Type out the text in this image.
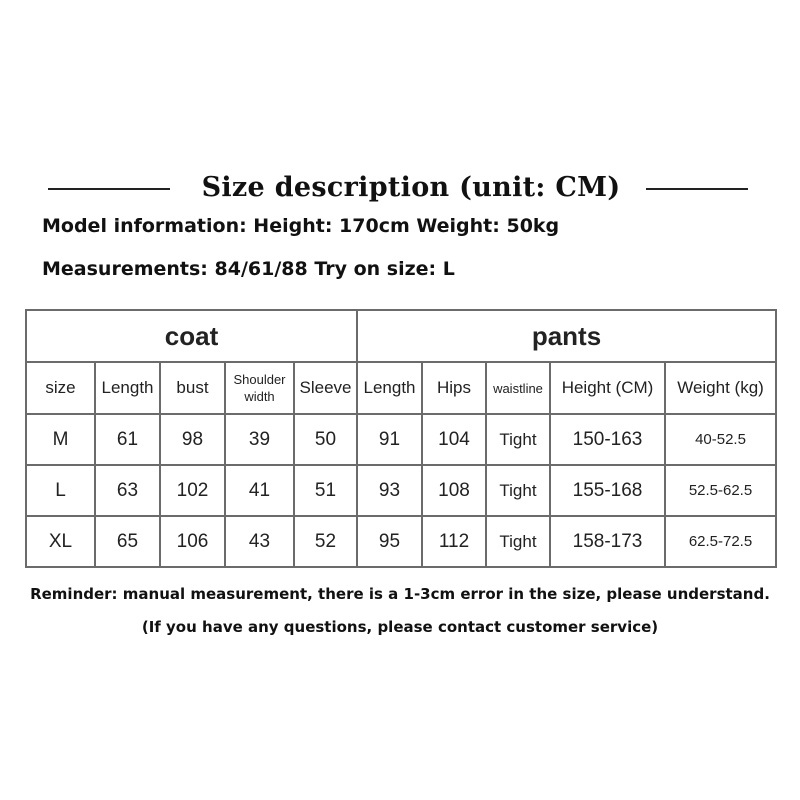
Size description (unit: CM)
Model information: Height: 170cm Weight: 50kg
Measurements: 84/61/88 Try on size: L
coat					pants				
size	Length	bust	Shoulder width	Sleeve	Length	Hips	waistline	Height (CM)	Weight (kg)
M	61	98	39	50	91	104	Tight	150-163	40-52.5
L	63	102	41	51	93	108	Tight	155-168	52.5-62.5
XL	65	106	43	52	95	112	Tight	158-173	62.5-72.5
Reminder: manual measurement, there is a 1-3cm error in the size, please understand.
(If you have any questions, please contact customer service)
